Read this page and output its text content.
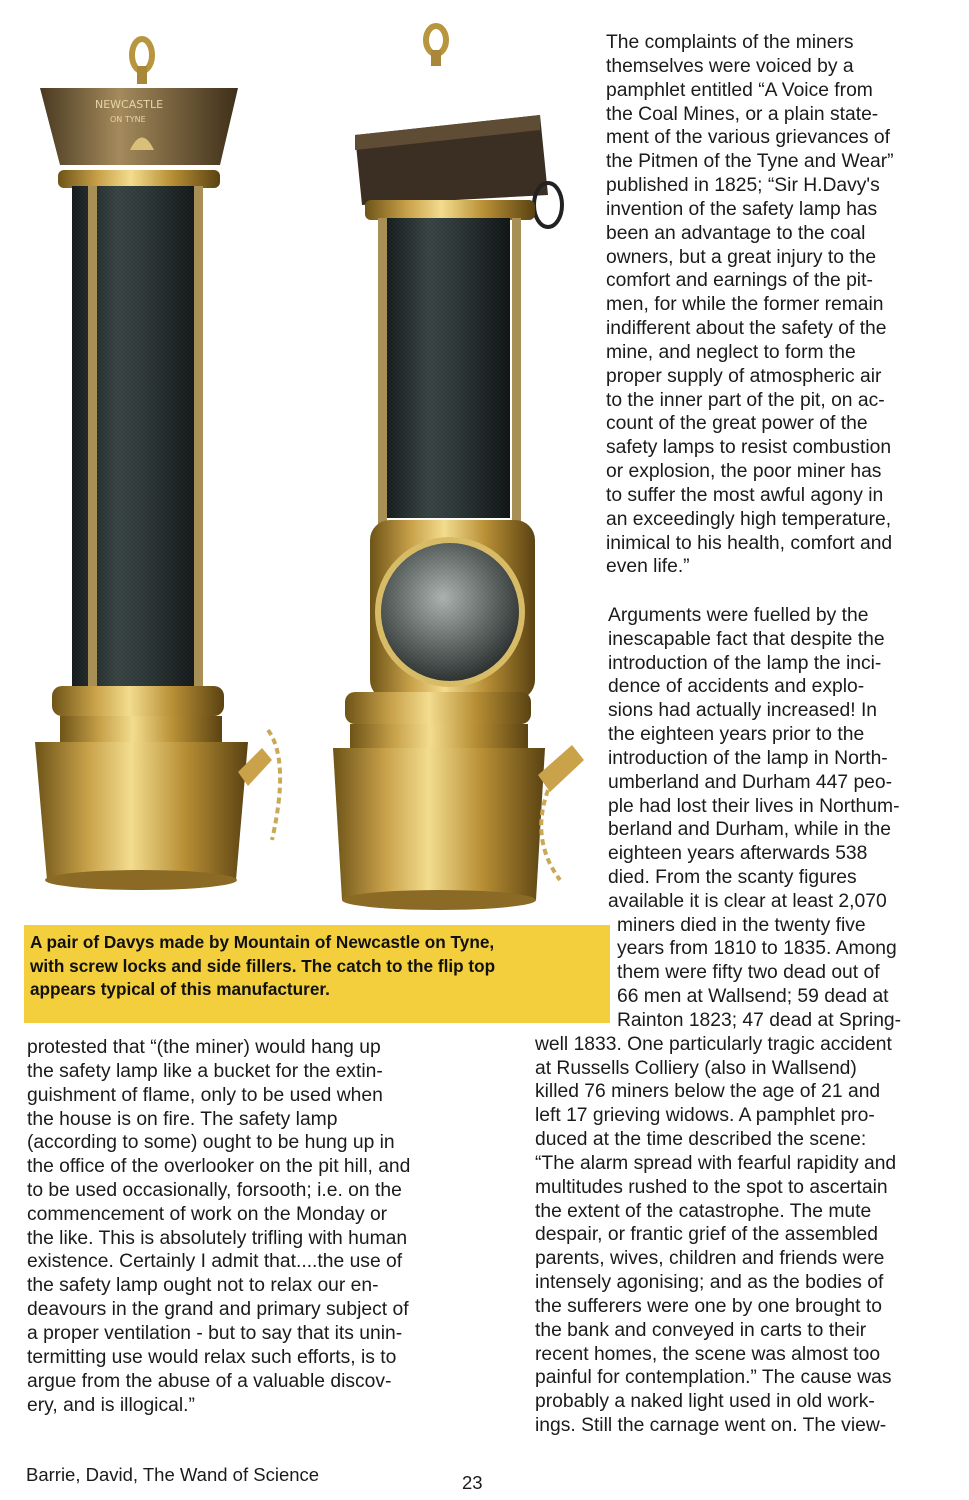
NEWCASTLE
ON TYNE
The complaints of the miners
themselves were voiced by a
pamphlet entitled “A Voice from
the Coal Mines, or a plain state-
ment of the various grievances of
the Pitmen of the Tyne and Wear”
published in 1825; “Sir H.Davy's
invention of the safety lamp has
been an advantage to the coal
owners, but a great injury to the
comfort and earnings of the pit-
men, for while the former remain
indifferent about the safety of the
mine, and neglect to form the
proper supply of atmospheric air
to the inner part of the pit, on ac-
count of the great power of the
safety lamps to resist combustion
or explosion, the poor miner has
to suffer the most awful agony in
an exceedingly high temperature,
inimical to his health, comfort and
even life.”
Arguments were fuelled by the
inescapable fact that despite the
introduction of the lamp the inci-
dence of accidents and explo-
sions had actually increased! In
the eighteen years prior to the
introduction of the lamp in North-
umberland and Durham 447 peo-
ple had lost their lives in Northum-
berland and Durham, while in the
eighteen years afterwards 538
died. From the scanty figures
available it is clear at least 2,070
miners died in the twenty five
years from 1810 to 1835. Among
them were fifty two dead out of
66 men at Wallsend; 59 dead at
Rainton 1823; 47 dead at Spring-
well 1833. One particularly tragic accident
at Russells Colliery (also in Wallsend)
killed 76 miners below the age of 21 and
left 17 grieving widows. A pamphlet pro-
duced at the time described the scene:
“The alarm spread with fearful rapidity and
multitudes rushed to the spot to ascertain
the extent of the catastrophe. The mute
despair, or frantic grief of the assembled
parents, wives, children and friends were
intensely agonising; and as the bodies of
the sufferers were one by one brought to
the bank and conveyed in carts to their
recent homes, the scene was almost too
painful for contemplation.” The cause was
probably a naked light used in old work-
ings. Still the carnage went on. The view-
A pair of Davys made by Mountain of Newcastle on Tyne,
with screw locks and side fillers. The catch to the flip top
appears typical of this manufacturer.
protested that “(the miner) would hang up
the safety lamp like a bucket for the extin-
guishment of flame, only to be used when
the house is on fire. The safety lamp
(according to some) ought to be hung up in
the office of the overlooker on the pit hill, and
to be used occasionally, forsooth; i.e. on the
commencement of work on the Monday or
the like. This is absolutely trifling with human
existence. Certainly I admit that....the use of
the safety lamp ought not to relax our en-
deavours in the grand and primary subject of
a proper ventilation - but to say that its unin-
termitting use would relax such efforts, is to
argue from the abuse of a valuable discov-
ery, and is illogical.”
Barrie, David, The Wand of Science	23
